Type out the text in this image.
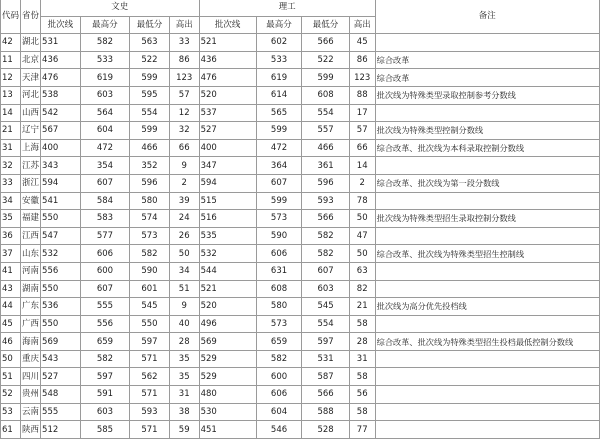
代码	省份	文史				理工				备注
		批次线	最高分	最低分	高出	批次线	最高分	最低分	高出	
42	湖北	531	582	563	33	521	602	566	45	
11	北京	436	533	522	86	436	533	522	86	综合改革
12	天津	476	619	599	123	476	619	599	123	综合改革
13	河北	538	603	595	57	520	614	608	88	批次线为特殊类型录取控制参考分数线
14	山西	542	564	554	12	537	565	554	17	
21	辽宁	567	604	599	32	527	599	557	57	批次线为特殊类型控制分数线
31	上海	400	472	466	66	400	472	466	66	综合改革、批次线为本科录取控制分数线
32	江苏	343	354	352	9	347	364	361	14	
33	浙江	594	607	596	2	594	607	596	2	综合改革、批次线为第一段分数线
34	安徽	541	584	580	39	515	599	593	78	
35	福建	550	583	574	24	516	573	566	50	批次线为特殊类型招生录取控制分数线
36	江西	547	577	573	26	535	590	582	47	
37	山东	532	606	582	50	532	606	582	50	综合改革、批次线为特殊类型招生控制线
41	河南	556	600	590	34	544	631	607	63	
43	湖南	550	607	601	51	521	608	603	82	
44	广东	536	555	545	9	520	580	545	21	批次线为高分优先投档线
45	广西	550	556	550	40	496	573	554	58	
46	海南	569	659	597	28	569	659	597	28	综合改革、批次线为特殊类型招生投档最低控制分数线
50	重庆	543	582	571	35	529	582	531	31	
51	四川	527	597	562	35	529	600	587	58	
52	贵州	548	591	571	31	480	606	566	56	
53	云南	555	603	593	38	530	604	588	58	
61	陕西	512	585	571	59	451	546	528	77	
